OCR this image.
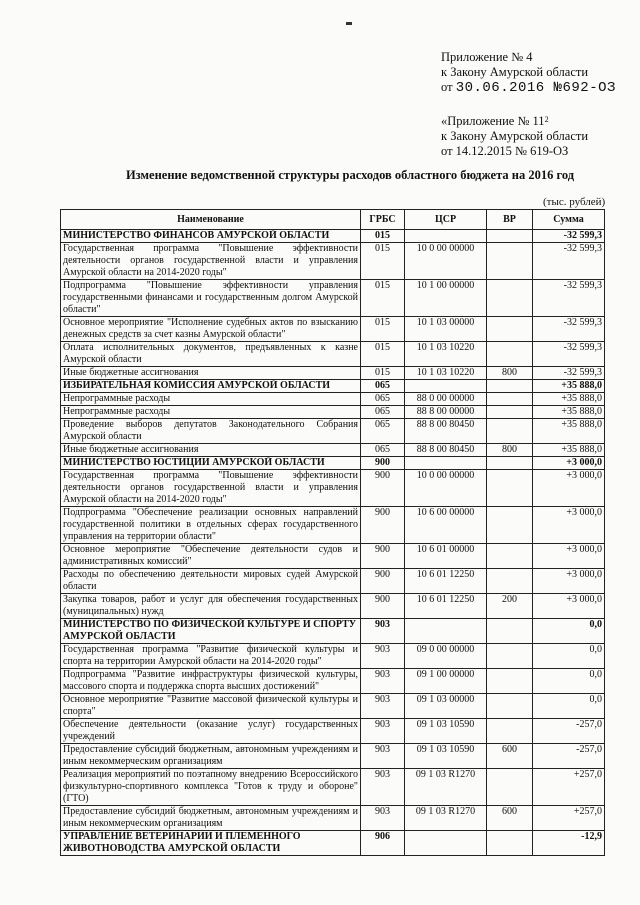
Приложение № 4
к Закону Амурской области
от 30.06.2016 №692-ОЗ
«Приложение № $11^2$
к Закону Амурской области
от 14.12.2015 № 619-ОЗ
Изменение ведомственной структуры расходов областного бюджета на 2016 год
(тыс. рублей)
Наименование	ГРБС	ЦСР	ВР	Сумма
МИНИСТЕРСТВО ФИНАНСОВ АМУРСКОЙ ОБЛАСТИ	015			-32 599,3
Государственная программа "Повышение эффективности деятельности органов государственной власти и управления Амурской области на 2014-2020 годы"	015	10 0 00 00000		-32 599,3
Подпрограмма "Повышение эффективности управления государственными финансами и государственным долгом Амурской области"	015	10 1 00 00000		-32 599,3
Основное мероприятие "Исполнение судебных актов по взысканию денежных средств за счет казны Амурской области"	015	10 1 03 00000		-32 599,3
Оплата исполнительных документов, предъявленных к казне Амурской области	015	10 1 03 10220		-32 599,3
Иные бюджетные ассигнования	015	10 1 03 10220	800	-32 599,3
ИЗБИРАТЕЛЬНАЯ КОМИССИЯ АМУРСКОЙ ОБЛАСТИ	065			+35 888,0
Непрограммные расходы	065	88 0 00 00000		+35 888,0
Непрограммные расходы	065	88 8 00 00000		+35 888,0
Проведение выборов депутатов Законодательного Собрания Амурской области	065	88 8 00 80450		+35 888,0
Иные бюджетные ассигнования	065	88 8 00 80450	800	+35 888,0
МИНИСТЕРСТВО ЮСТИЦИИ АМУРСКОЙ ОБЛАСТИ	900			+3 000,0
Государственная программа "Повышение эффективности деятельности органов государственной власти и управления Амурской области на 2014-2020 годы"	900	10 0 00 00000		+3 000,0
Подпрограмма "Обеспечение реализации основных направлений государственной политики в отдельных сферах государственного управления на территории области"	900	10 6 00 00000		+3 000,0
Основное мероприятие "Обеспечение деятельности судов и административных комиссий"	900	10 6 01 00000		+3 000,0
Расходы по обеспечению деятельности мировых судей Амурской области	900	10 6 01 12250		+3 000,0
Закупка товаров, работ и услуг для обеспечения государственных (муниципальных) нужд	900	10 6 01 12250	200	+3 000,0
МИНИСТЕРСТВО ПО ФИЗИЧЕСКОЙ КУЛЬТУРЕ И СПОРТУ АМУРСКОЙ ОБЛАСТИ	903			0,0
Государственная программа "Развитие физической культуры и спорта на территории Амурской области на 2014-2020 годы"	903	09 0 00 00000		0,0
Подпрограмма "Развитие инфраструктуры физической культуры, массового спорта и поддержка спорта высших достижений"	903	09 1 00 00000		0,0
Основное мероприятие "Развитие массовой физической культуры и спорта"	903	09 1 03 00000		0,0
Обеспечение деятельности (оказание услуг) государственных учреждений	903	09 1 03 10590		-257,0
Предоставление субсидий бюджетным, автономным учреждениям и иным некоммерческим организациям	903	09 1 03 10590	600	-257,0
Реализация мероприятий по поэтапному внедрению Всероссийского физкультурно-спортивного комплекса "Готов к труду и обороне" (ГТО)	903	09 1 03 R1270		+257,0
Предоставление субсидий бюджетным, автономным учреждениям и иным некоммерческим организациям	903	09 1 03 R1270	600	+257,0
УПРАВЛЕНИЕ ВЕТЕРИНАРИИ И ПЛЕМЕННОГО ЖИВОТНОВОДСТВА АМУРСКОЙ ОБЛАСТИ	906			-12,9
